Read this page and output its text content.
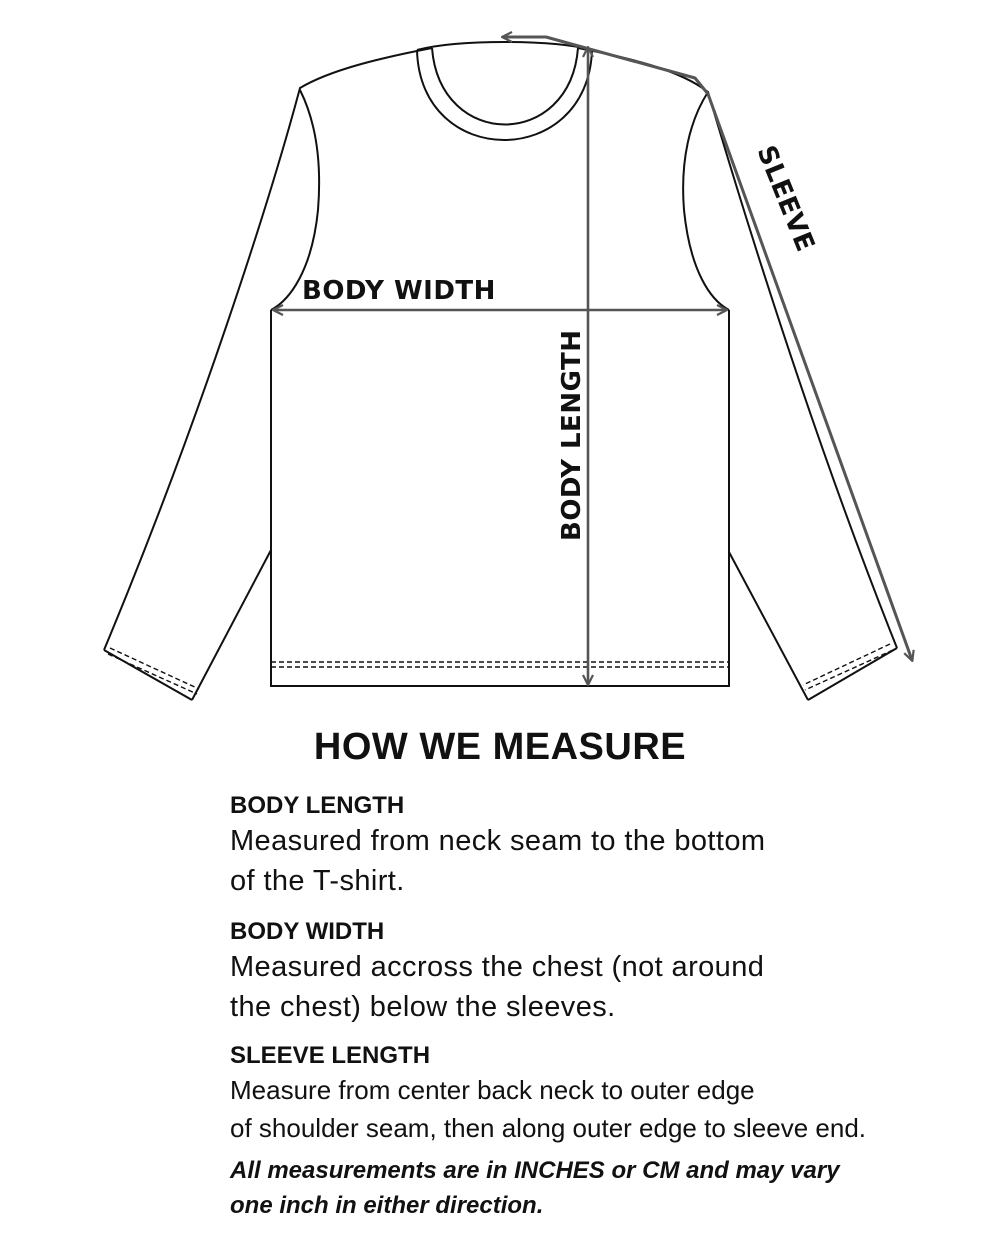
BODY WIDTH
BODY LENGTH
SLEEVE
HOW WE MEASURE

BODY LENGTH

Measured from neck seam to the bottom

of the T-shirt.

BODY WIDTH

Measured accross the chest (not around

the chest) below the sleeves.

SLEEVE LENGTH

Measure from center back neck to outer edge

of shoulder seam, then along outer edge to sleeve end.

All measurements are in INCHES or CM and may vary
one inch in either direction.
